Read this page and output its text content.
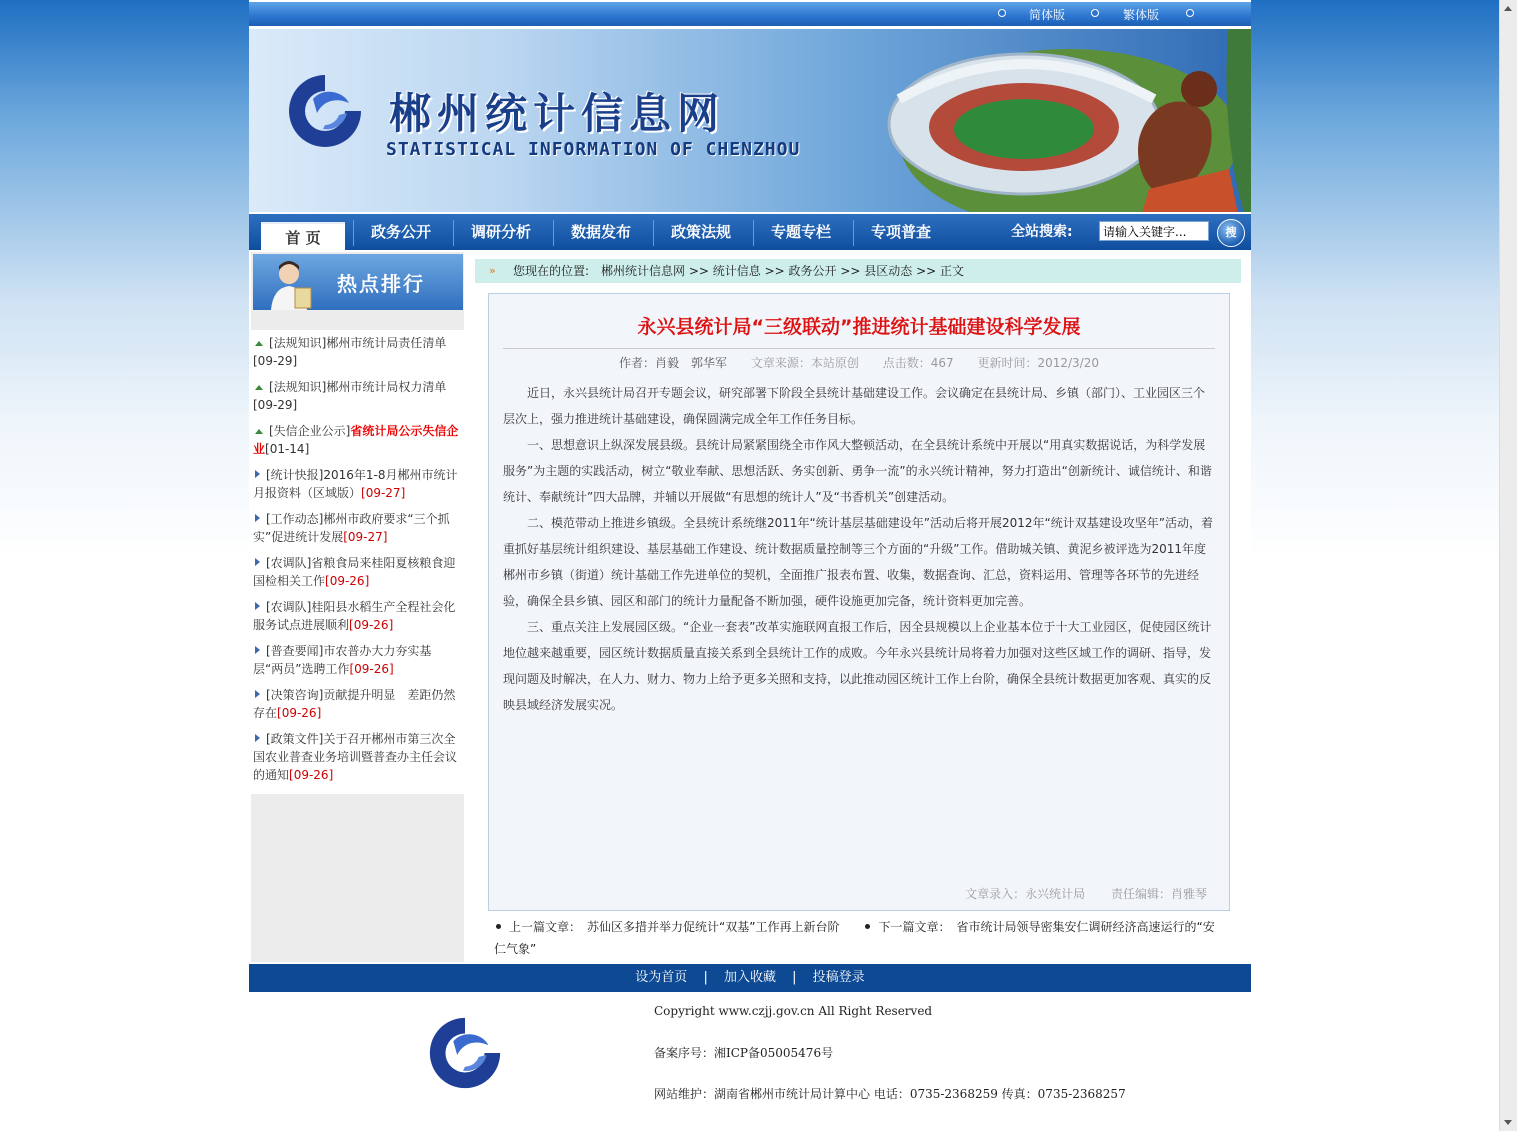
简体版	繁体版
郴州统计信息网
STATISTICAL INFORMATION OF CHENZHOU
首 页	政务公开	调研分析	数据发布	政策法规	专题专栏	专项普查	全站搜索:
请输入关键字...	搜
热点排行
[法规知识]郴州市统计局责任清单[09-29]
[法规知识]郴州市统计局权力清单[09-29]
[失信企业公示]省统计局公示失信企业[01-14]
[统计快报]2016年1-8月郴州市统计月报资料（区域版）[09-27]
[工作动态]郴州市政府要求“三个抓实”促进统计发展[09-27]
[农调队]省粮食局来桂阳夏核粮食迎国检相关工作[09-26]
[农调队]桂阳县水稻生产全程社会化服务试点进展顺利[09-26]
[普查要闻]市农普办大力夯实基层“两员”选聘工作[09-26]
[决策咨询]贡献提升明显　差距仍然存在[09-26]
[政策文件]关于召开郴州市第三次全国农业普查业务培训暨普查办主任会议的通知[09-26]
» 您现在的位置:　郴州统计信息网 >> 统计信息 >> 政务公开 >> 县区动态 >> 正文
永兴县统计局“三级联动”推进统计基础建设科学发展
作者：肖毅　郭华军 文章来源：本站原创 点击数：467 更新时间：2012/3/20

近日，永兴县统计局召开专题会议，研究部署下阶段全县统计基础建设工作。会议确定在县统计局、乡镇（部门）、工业园区三个层次上，强力推进统计基础建设，确保圆满完成全年工作任务目标。

一、思想意识上纵深发展县级。县统计局紧紧围绕全市作风大整顿活动，在全县统计系统中开展以“用真实数据说话，为科学发展服务”为主题的实践活动，树立“敬业奉献、思想活跃、务实创新、勇争一流”的永兴统计精神，努力打造出“创新统计、诚信统计、和谐统计、奉献统计”四大品牌，并辅以开展做“有思想的统计人”及“书香机关”创建活动。

二、模范带动上推进乡镇级。全县统计系统继2011年“统计基层基础建设年”活动后将开展2012年“统计双基建设攻坚年”活动，着重抓好基层统计组织建设、基层基础工作建设、统计数据质量控制等三个方面的“升级”工作。借助城关镇、黄泥乡被评选为2011年度郴州市乡镇（街道）统计基础工作先进单位的契机，全面推广报表布置、收集，数据查询、汇总，资料运用、管理等各环节的先进经验，确保全县乡镇、园区和部门的统计力量配备不断加强，硬件设施更加完备，统计资料更加完善。

三、重点关注上发展园区级。“企业一套表”改革实施联网直报工作后，因全县规模以上企业基本位于十大工业园区，促使园区统计地位越来越重要，园区统计数据质量直接关系到全县统计工作的成败。今年永兴县统计局将着力加强对这些区域工作的调研、指导，发现问题及时解决，在人力、财力、物力上给予更多关照和支持，以此推动园区统计工作上台阶，确保全县统计数据更加客观、真实的反映县域经济发展实况。

文章录入：永兴统计局 责任编辑：肖雅琴
上一篇文章：　 苏仙区多措并举力促统计“双基”工作再上新台阶　　	下一篇文章：　 省市统计局领导密集安仁调研经济高速运行的“安仁气象”
设为首页 | 加入收藏 | 投稿登录
Copyright www.czjj.gov.cn All Right Reserved
备案序号：湘ICP备05005476号
网站维护：湖南省郴州市统计局计算中心 电话：0735-2368259 传真：0735-2368257
